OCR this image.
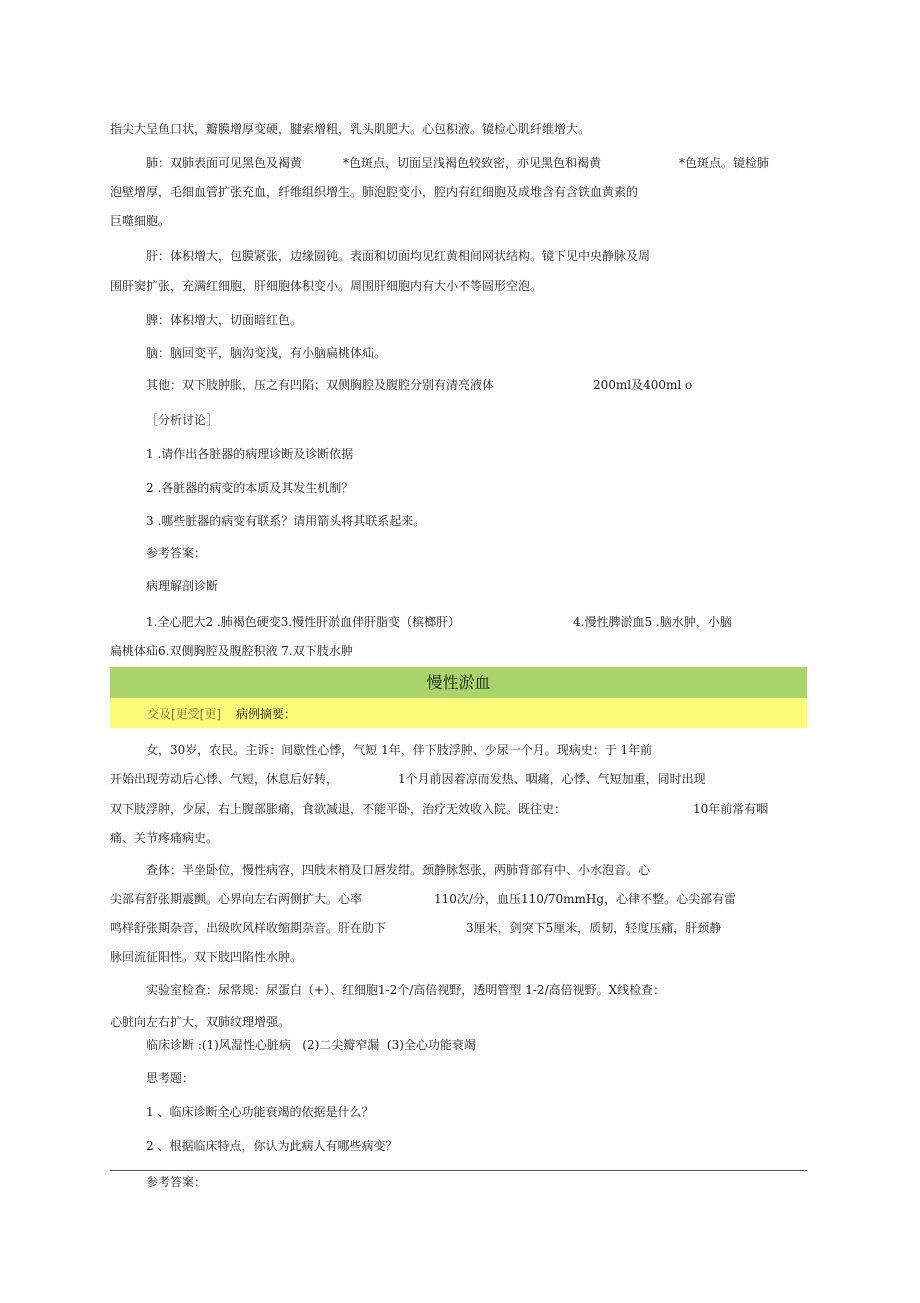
指尖大呈鱼口状，瓣膜增厚变硬，腱索增粗，乳头肌肥大。心包积液。镜检心肌纤维增大。
肺：双肺表面可见黑色及褐黄	*色斑点，切面呈浅褐色较致密，亦见黑色和褐黄	*色斑点。镜检肺
泡壁增厚，毛细血管扩张充血，纤维组织增生。肺泡腔变小，腔内有红细胞及成堆含有含铁血黄素的
巨噬细胞。
肝：体积增大，包膜紧张，边缘圆钝。表面和切面均见红黄相间网状结构。镜下见中央静脉及周
围肝窦扩张，充满红细胞，肝细胞体积变小。周围肝细胞内有大小不等圆形空泡。
脾：体积增大，切面暗红色。
脑：脑回变平，脑沟变浅，有小脑扁桃体疝。
其他：双下肢肿胀，压之有凹陷；双侧胸腔及腹腔分别有清亮液体	200ml及400ml o
［分析讨论］
1 .请作出各脏器的病理诊断及诊断依据
2 .各脏器的病变的本质及其发生机制？
3 .哪些脏器的病变有联系？请用箭头将其联系起来。
参考答案：
病理解剖诊断
1.全心肥大2 .肺褐色硬变3.慢性肝淤血伴肝脂变（槟榔肝）	4.慢性脾淤血5 .脑水肿，小脑
扁桃体疝6.双侧胸腔及腹腔积液 7.双下肢水肿
慢性淤血
交及[更受[更] 病例摘要：
女，30岁，农民。主诉：间歇性心悸，气短 1年，伴下肢浮肿、少尿一个月。现病史：于 1年前
开始出现劳动后心悸、气短，休息后好转，	1个月前因着凉而发热、咽痛，心悸、气短加重，同时出现
双下肢浮肿，少尿，右上腹部胀痛，食欲减退，不能平卧，治疗无效收入院。既往史：	10年前常有咽
痛、关节疼痛病史。
查体：半坐卧位，慢性病容，四肢末梢及口唇发绀。颈静脉怒张，两肺背部有中、小水泡音。心
尖部有舒张期震颤。心界向左右两侧扩大。心率	110次/分，血压110/70mmHg，心律不整。心尖部有雷
鸣样舒张期杂音，出级吹风样收缩期杂音。肝在肋下	3厘米，剑突下5厘米，质韧，轻度压痛，肝颈静
脉回流征阳性。双下肢凹陷性水肿。
实验室检查：尿常规：尿蛋白（+）、红细胞1-2个/高倍视野，透明管型 1-2/高倍视野。X线检查：
心脏向左右扩大，双肺纹理增强。
临床诊断 :(1)风湿性心脏病   (2)二尖瓣窄漏  (3)全心功能衰竭
思考题：
1 、临床诊断全心功能衰竭的依据是什么？
2 、根据临床特点，你认为此病人有哪些病变？
参考答案：
